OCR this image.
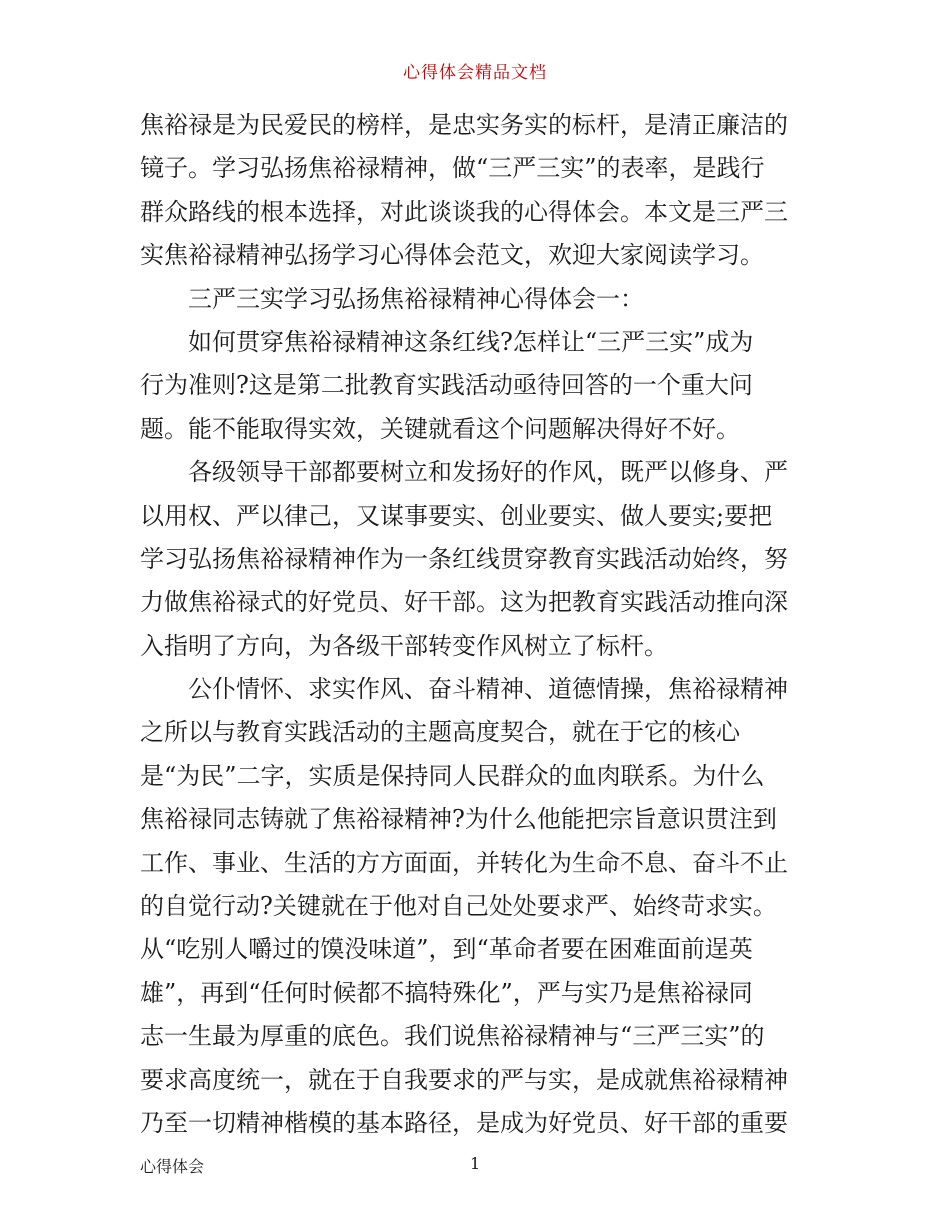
心得体会精品文档
焦裕禄是为民爱民的榜样，是忠实务实的标杆，是清正廉洁的
镜子。学习弘扬焦裕禄精神，做“三严三实”的表率，是践行
群众路线的根本选择，对此谈谈我的心得体会。本文是三严三
实焦裕禄精神弘扬学习心得体会范文，欢迎大家阅读学习。
三严三实学习弘扬焦裕禄精神心得体会一：
如何贯穿焦裕禄精神这条红线?怎样让“三严三实”成为
行为准则?这是第二批教育实践活动亟待回答的一个重大问
题。能不能取得实效，关键就看这个问题解决得好不好。
各级领导干部都要树立和发扬好的作风，既严以修身、严
以用权、严以律己，又谋事要实、创业要实、做人要实;要把
学习弘扬焦裕禄精神作为一条红线贯穿教育实践活动始终，努
力做焦裕禄式的好党员、好干部。这为把教育实践活动推向深
入指明了方向，为各级干部转变作风树立了标杆。
公仆情怀、求实作风、奋斗精神、道德情操，焦裕禄精神
之所以与教育实践活动的主题高度契合，就在于它的核心
是“为民”二字，实质是保持同人民群众的血肉联系。为什么
焦裕禄同志铸就了焦裕禄精神?为什么他能把宗旨意识贯注到
工作、事业、生活的方方面面，并转化为生命不息、奋斗不止
的自觉行动?关键就在于他对自己处处要求严、始终苛求实。
从“吃别人嚼过的馍没味道”，到“革命者要在困难面前逞英
雄”，再到“任何时候都不搞特殊化”，严与实乃是焦裕禄同
志一生最为厚重的底色。我们说焦裕禄精神与“三严三实”的
要求高度统一，就在于自我要求的严与实，是成就焦裕禄精神
乃至一切精神楷模的基本路径，是成为好党员、好干部的重要
心得体会	1
